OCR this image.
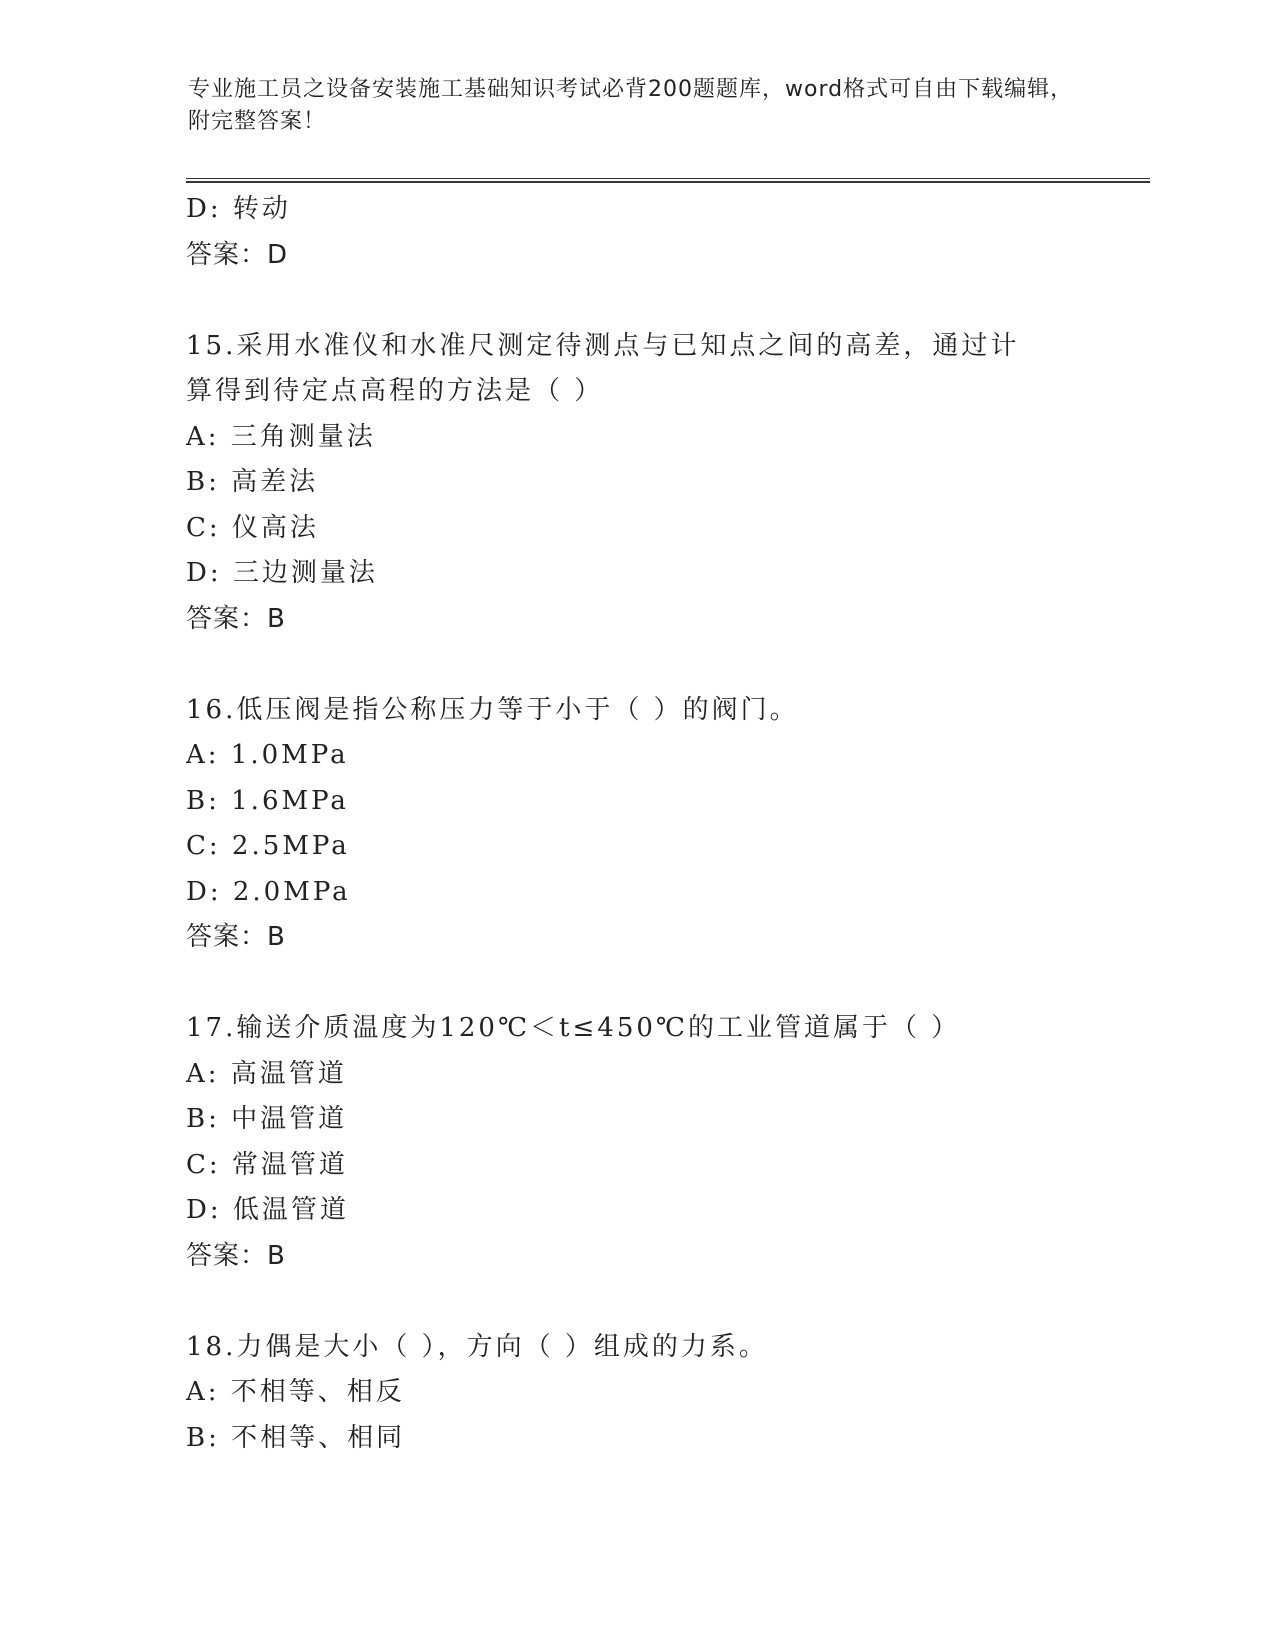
专业施工员之设备安装施工基础知识考试必背200题题库，word格式可自由下载编辑，附完整答案！
D: 转动
答案：D
15.采用水准仪和水准尺测定待测点与已知点之间的高差，通过计算得到待定点高程的方法是（ ）
A: 三角测量法
B: 高差法
C: 仪高法
D: 三边测量法
答案：B
16.低压阀是指公称压力等于小于（ ）的阀门。
A: 1.0MPa
B: 1.6MPa
C: 2.5MPa
D: 2.0MPa
答案：B
17.输送介质温度为120℃＜t≤450℃的工业管道属于（ ）
A: 高温管道
B: 中温管道
C: 常温管道
D: 低温管道
答案：B
18.力偶是大小（ ），方向（ ）组成的力系。
A: 不相等、相反
B: 不相等、相同
